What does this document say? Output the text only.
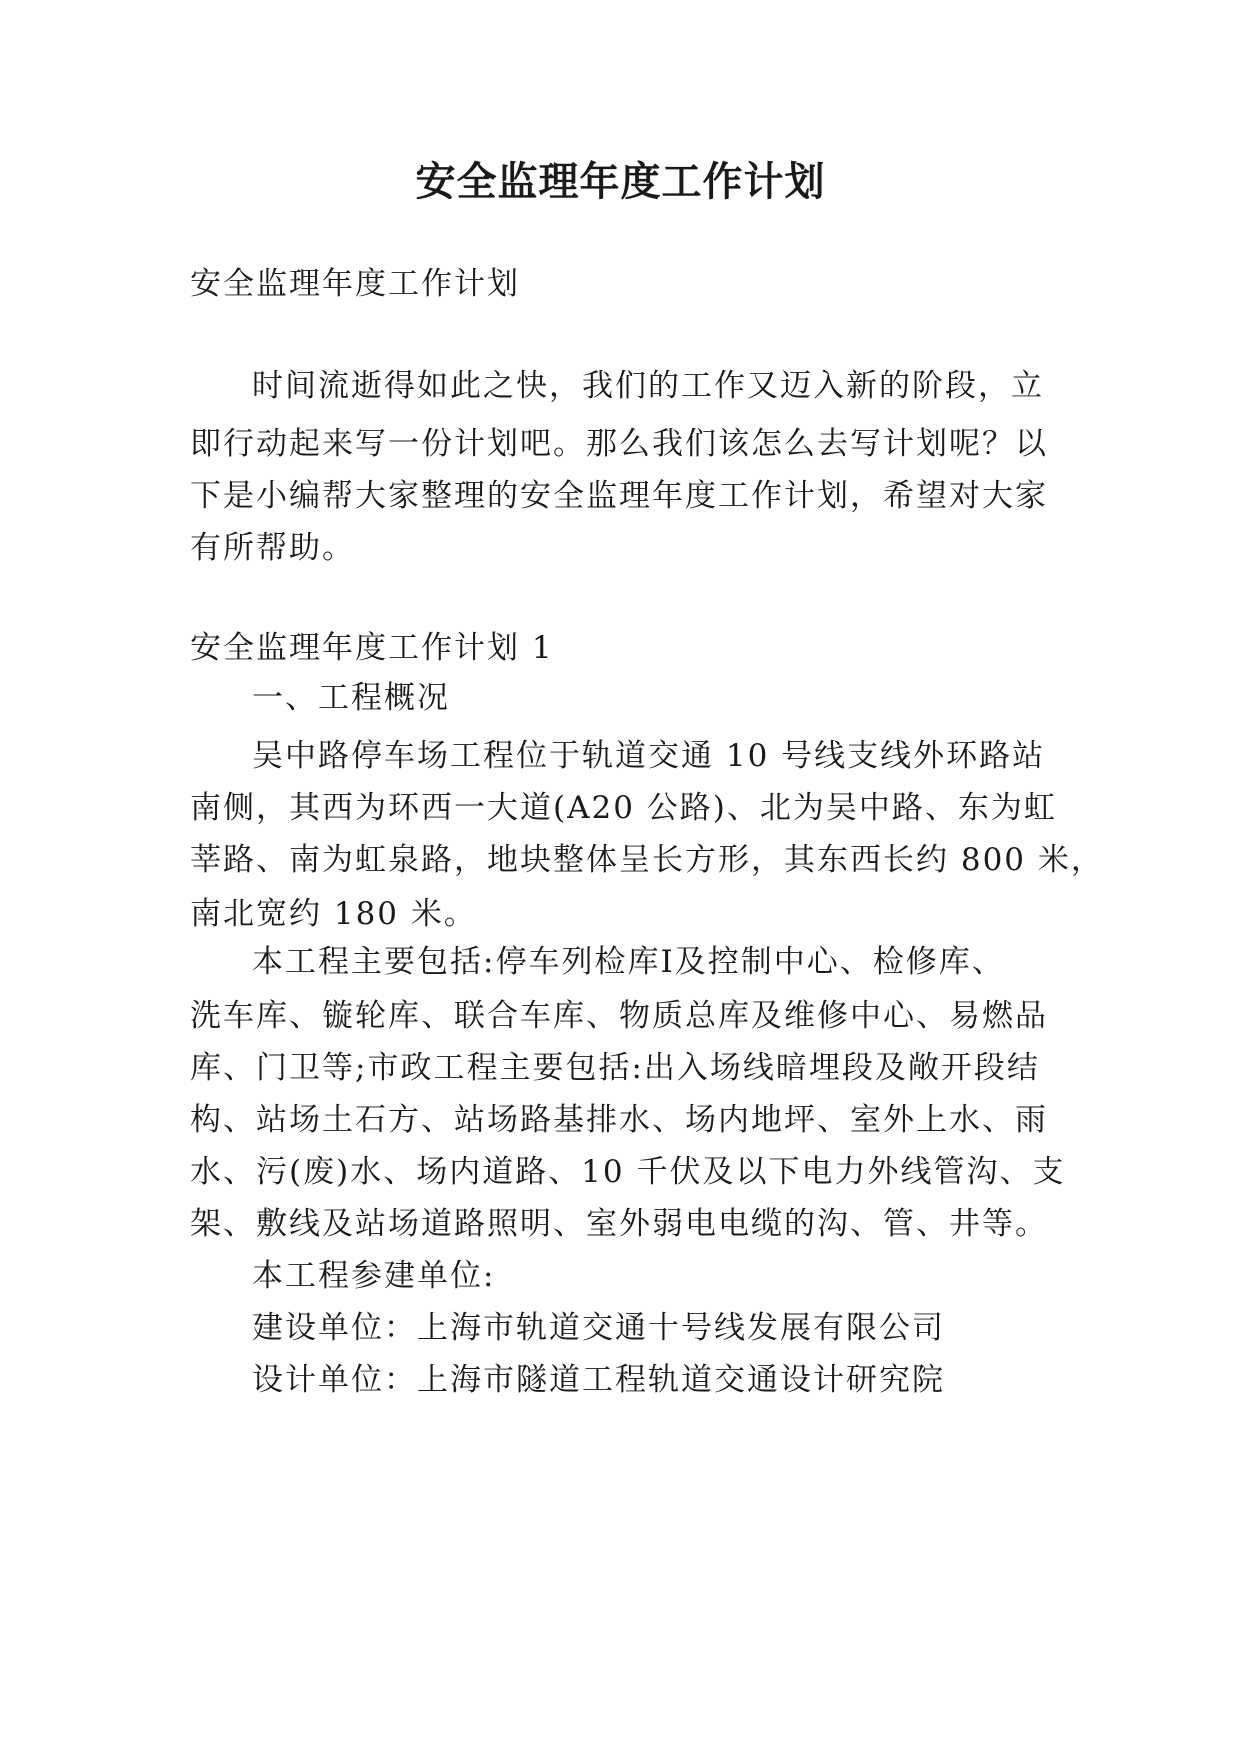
安全监理年度工作计划

安全监理年度工作计划

时间流逝得如此之快，我们的工作又迈入新的阶段，立

即行动起来写一份计划吧。那么我们该怎么去写计划呢？以

下是小编帮大家整理的安全监理年度工作计划，希望对大家

有所帮助。

安全监理年度工作计划 1

一、工程概况

吴中路停车场工程位于轨道交通 10 号线支线外环路站

南侧，其西为环西一大道(A20 公路)、北为吴中路、东为虹

莘路、南为虹泉路，地块整体呈长方形，其东西长约 800 米，

南北宽约 180 米。

本工程主要包括:停车列检库Ⅰ及控制中心、检修库、

洗车库、镟轮库、联合车库、物质总库及维修中心、易燃品

库、门卫等;市政工程主要包括:出入场线暗埋段及敞开段结

构、站场土石方、站场路基排水、场内地坪、室外上水、雨

水、污(废)水、场内道路、10 千伏及以下电力外线管沟、支

架、敷线及站场道路照明、室外弱电电缆的沟、管、井等。

本工程参建单位:

建设单位：上海市轨道交通十号线发展有限公司

设计单位：上海市隧道工程轨道交通设计研究院
